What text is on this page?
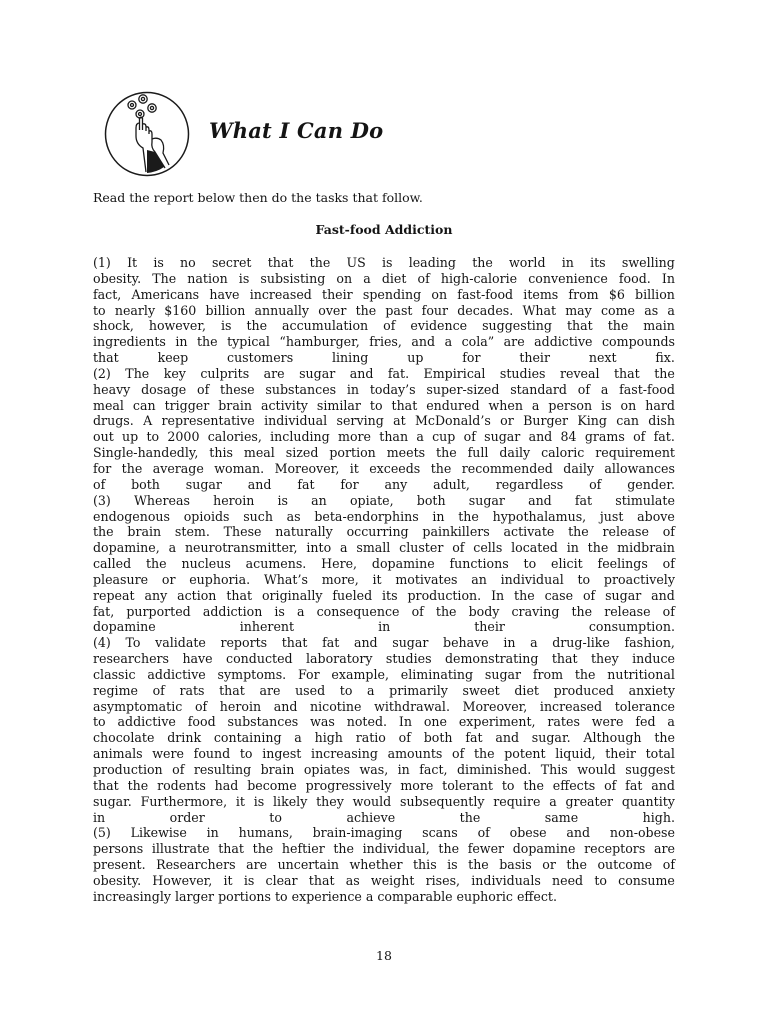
What I Can Do
Read the report below then do the tasks that follow.
Fast-food Addiction
(1) It is no secret that the US is leading the world in its swelling
obesity. The nation is subsisting on a diet of high-calorie convenience food. In
fact, Americans have increased their spending on fast-food items from $6 billion
to nearly $160 billion annually over the past four decades. What may come as a
shock, however, is the accumulation of evidence suggesting that the main
ingredients in the typical “hamburger, fries, and a cola” are addictive compounds
that	keep	customers	lining	up	for	their	next	fix.
(2) The key culprits are sugar and fat. Empirical studies reveal that the
heavy dosage of these substances in today’s super-sized standard of a fast-food
meal can trigger brain activity similar to that endured when a person is on hard
drugs. A representative individual serving at McDonald’s or Burger King can dish
out up to 2000 calories, including more than a cup of sugar and 84 grams of fat.
Single-handedly, this meal sized portion meets the full daily caloric requirement
for the average woman. Moreover, it exceeds the recommended daily allowances
of both sugar and fat for any adult, regardless of gender.
(3) Whereas heroin is an opiate, both sugar and fat stimulate
endogenous opioids such as beta-endorphins in the hypothalamus, just above
the brain stem. These naturally occurring painkillers activate the release of
dopamine, a neurotransmitter, into a small cluster of cells located in the midbrain
called the nucleus acumens. Here, dopamine functions to elicit feelings of
pleasure or euphoria. What’s more, it motivates an individual to proactively
repeat any action that originally fueled its production. In the case of sugar and
fat, purported addiction is a consequence of the body craving the release of
dopamine	inherent	in	their	consumption.
(4) To validate reports that fat and sugar behave in a drug-like fashion,
researchers have conducted laboratory studies demonstrating that they induce
classic addictive symptoms. For example, eliminating sugar from the nutritional
regime of rats that are used to a primarily sweet diet produced anxiety
asymptomatic of heroin and nicotine withdrawal. Moreover, increased tolerance
to addictive food substances was noted. In one experiment, rates were fed a
chocolate drink containing a high ratio of both fat and sugar. Although the
animals were found to ingest increasing amounts of the potent liquid, their total
production of resulting brain opiates was, in fact, diminished. This would suggest
that the rodents had become progressively more tolerant to the effects of fat and
sugar. Furthermore, it is likely they would subsequently require a greater quantity
in	order	to	achieve	the	same	high.
(5) Likewise in humans, brain-imaging scans of obese and non-obese
persons illustrate that the heftier the individual, the fewer dopamine receptors are
present. Researchers are uncertain whether this is the basis or the outcome of
obesity. However, it is clear that as weight rises, individuals need to consume
increasingly larger portions to experience a comparable euphoric effect.
18
